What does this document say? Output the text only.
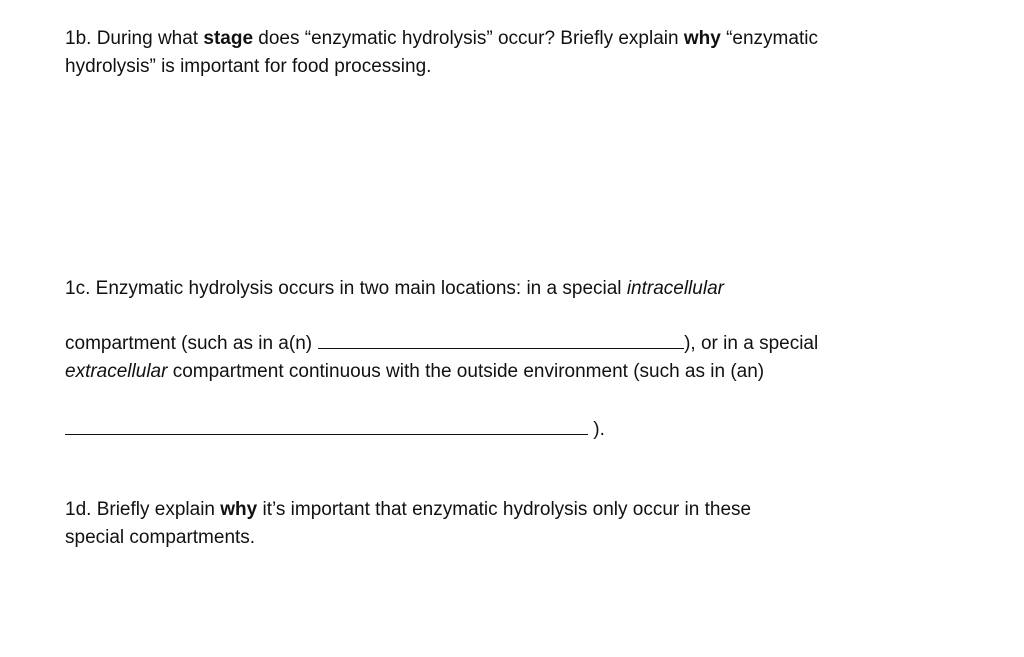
1b. During what stage does “enzymatic hydrolysis” occur? Briefly explain why “enzymatic
hydrolysis” is important for food processing.
1c. Enzymatic hydrolysis occurs in two main locations: in a special intracellular
compartment (such as in a(n)	), or in a special
extracellular compartment continuous with the outside environment (such as in (an)
).
1d. Briefly explain why it’s important that enzymatic hydrolysis only occur in these
special compartments.
